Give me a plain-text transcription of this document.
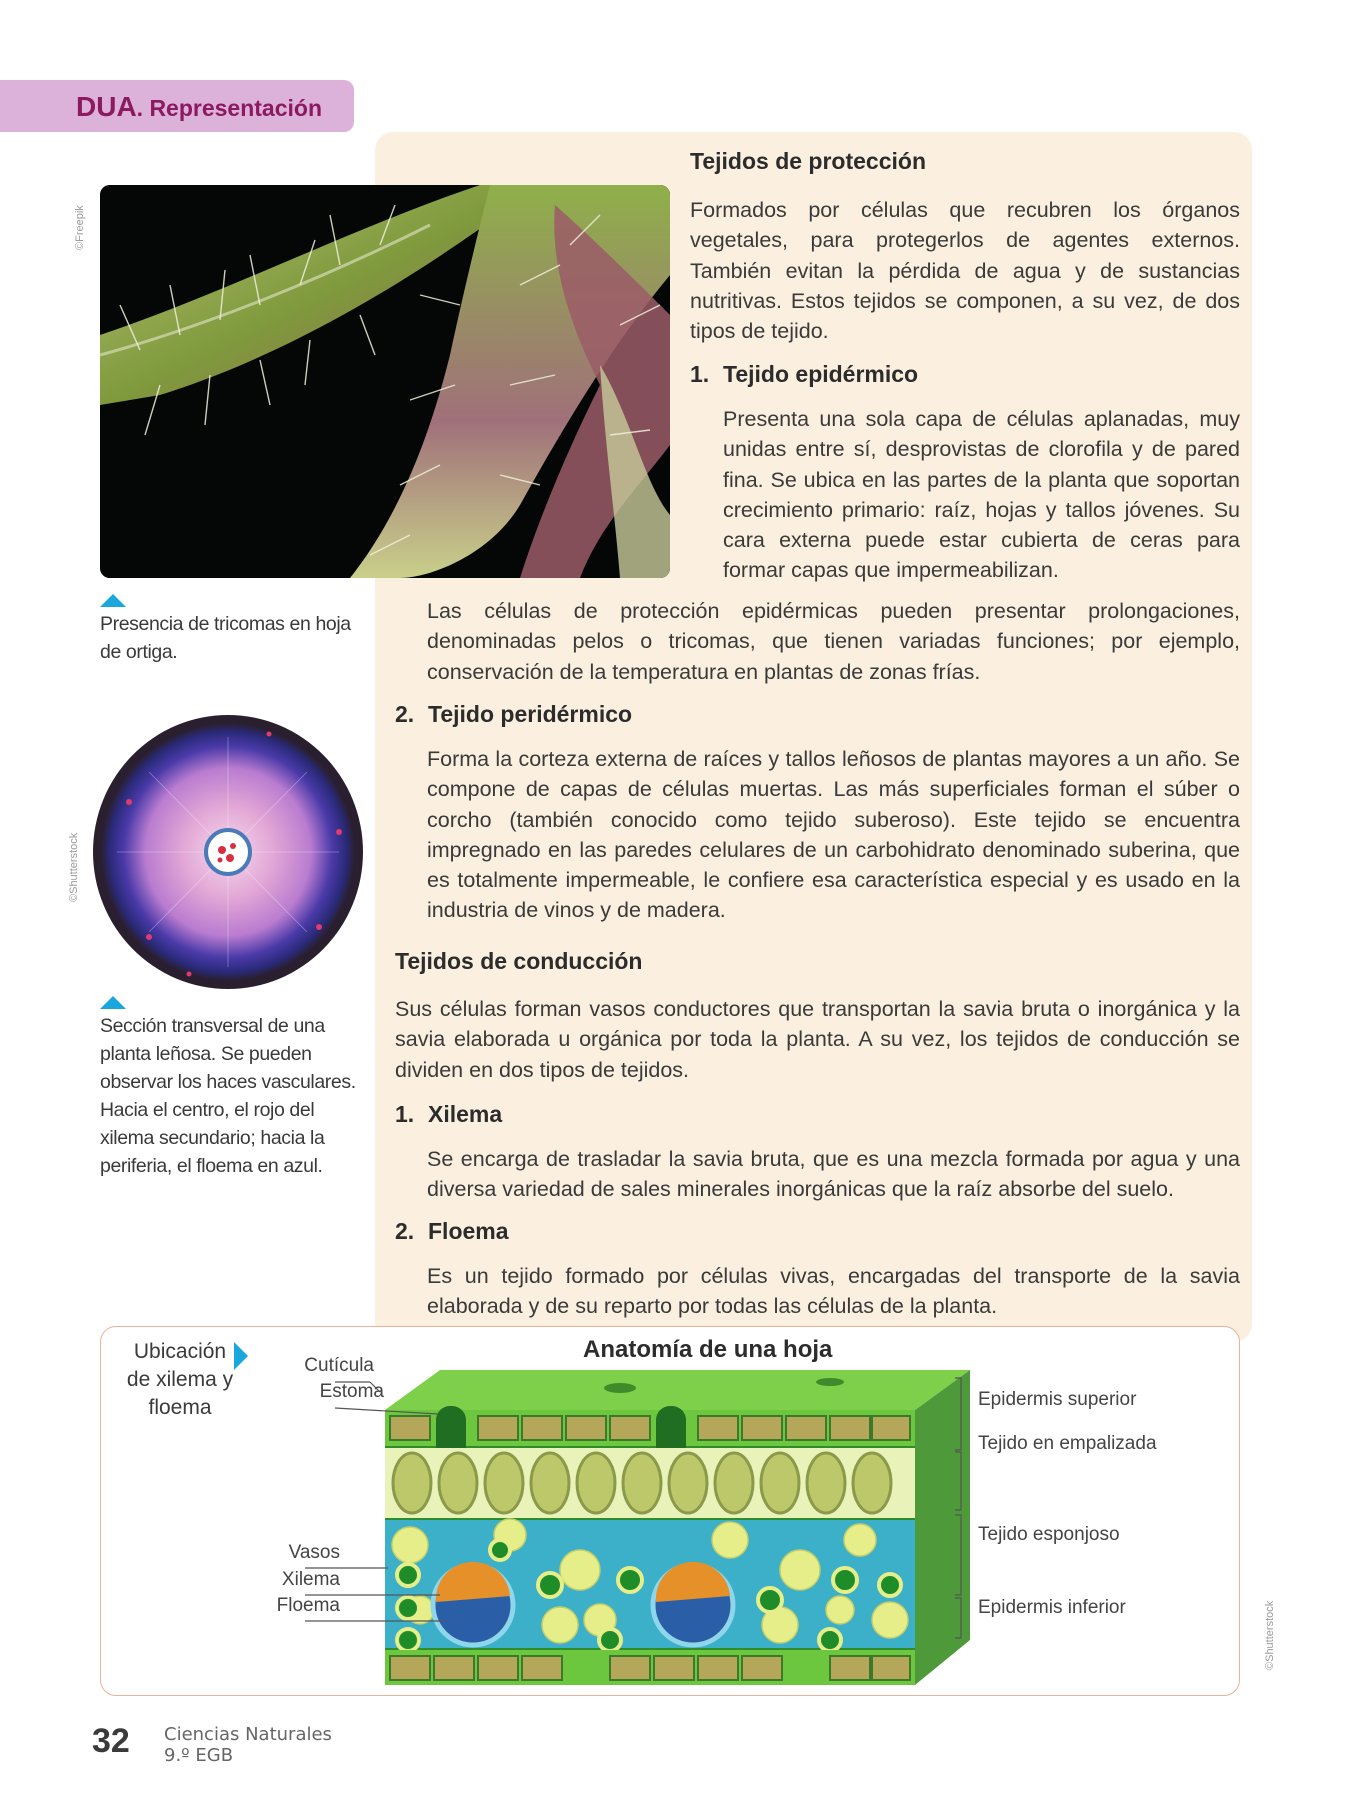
DUA. Representación
©Freepik
©Shutterstock
©Shutterstock
Presencia de tricomas en hoja de ortiga.
Sección transversal de una planta leñosa. Se pueden observar los haces vasculares. Hacia el centro, el rojo del xilema secundario; hacia la periferia, el floema en azul.
Tejidos de protección
Formados por células que recubren los órganos vegetales, para protegerlos de agentes externos. También evitan la pérdida de agua y de sustancias nutritivas. Estos tejidos se componen, a su vez, de dos tipos de tejido.
1. Tejido epidérmico
Presenta una sola capa de células aplanadas, muy unidas entre sí, desprovistas de clorofila y de pared fina. Se ubica en las partes de la planta que soportan crecimiento primario: raíz, hojas y tallos jóvenes. Su cara externa puede estar cubierta de ceras para formar capas que impermeabilizan.
Las células de protección epidérmicas pueden presentar prolongaciones, denominadas pelos o tricomas, que tienen variadas funciones; por ejemplo, conservación de la temperatura en plantas de zonas frías.
2. Tejido peridérmico
Forma la corteza externa de raíces y tallos leñosos de plantas mayores a un año. Se compone de capas de células muertas. Las más superficiales forman el súber o corcho (también conocido como tejido suberoso). Este tejido se encuentra impregnado en las paredes celulares de un carbohidrato denominado suberina, que es totalmente impermeable, le confiere esa característica especial y es usado en la industria de vinos y de madera.
Tejidos de conducción
Sus células forman vasos conductores que transportan la savia bruta o inorgánica y la savia elaborada u orgánica por toda la planta. A su vez, los tejidos de conducción se dividen en dos tipos de tejidos.
1. Xilema
Se encarga de trasladar la savia bruta, que es una mezcla formada por agua y una diversa variedad de sales minerales inorgánicas que la raíz absorbe del suelo.
2. Floema
Es un tejido formado por células vivas, encargadas del transporte de la savia elaborada y de su reparto por todas las células de la planta.
Ubicación de xilema y floema
Anatomía de una hoja
Cutícula
Estoma
Vasos
Xilema
Floema
Epidermis superior
Tejido en empalizada
Tejido esponjoso
Epidermis inferior
32 Ciencias Naturales
9.º EGB
